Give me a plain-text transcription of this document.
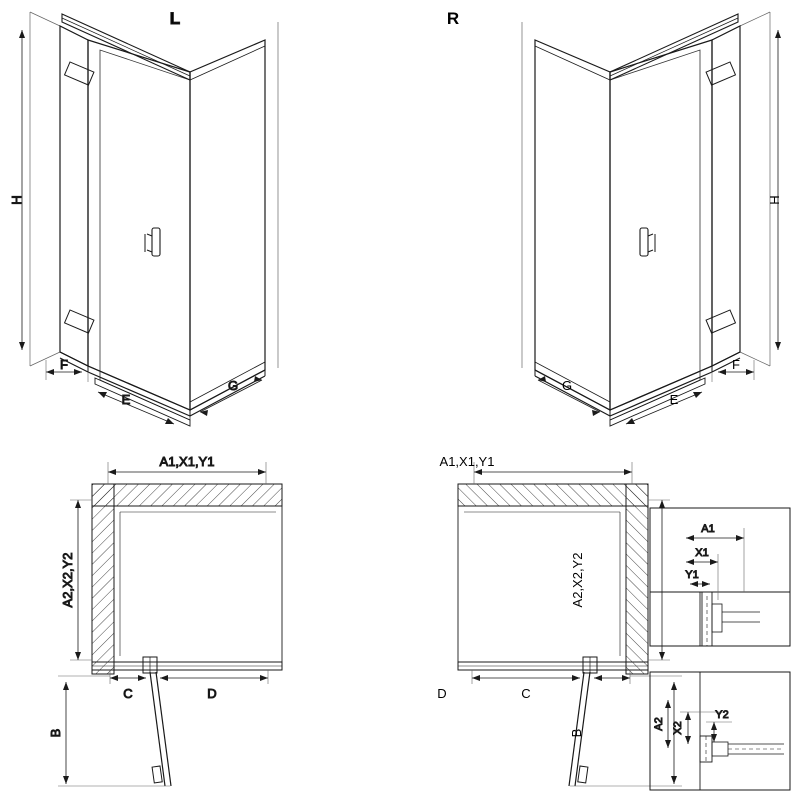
H
F
E
G
L
H
F
E
G
R
A1,X1,Y1
A2,X2,Y2
C	D
B
A1,X1,Y1
A2,X2,Y2
C
D
B
A1
X1
Y1
A2 X2
Y2
